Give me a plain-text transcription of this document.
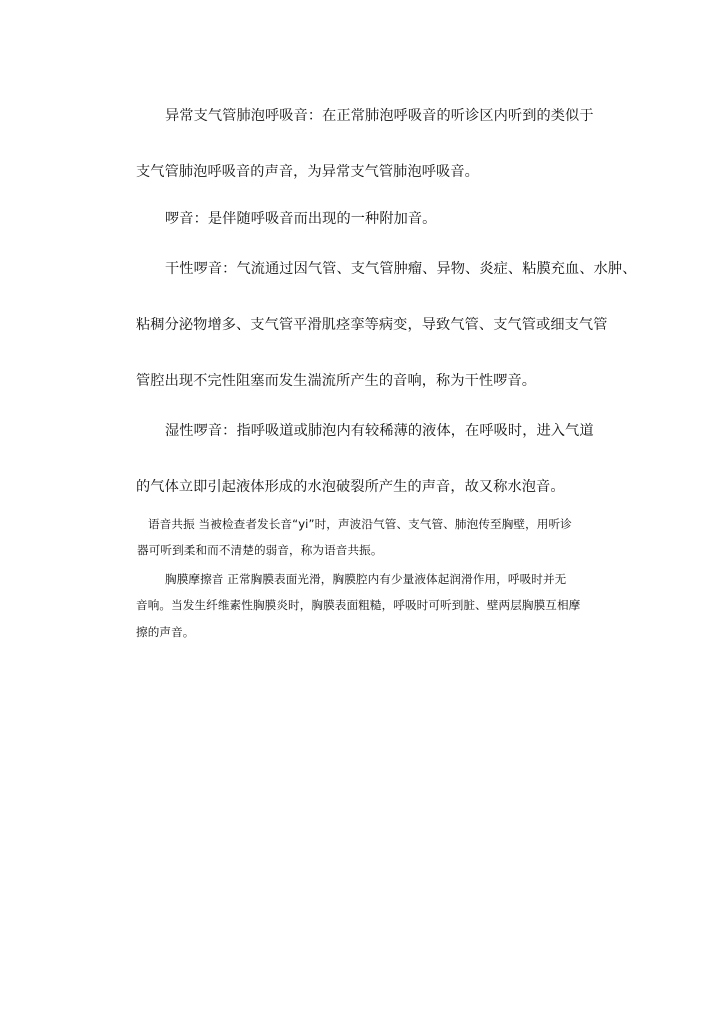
异常支气管肺泡呼吸音：在正常肺泡呼吸音的听诊区内听到的类似于

支气管肺泡呼吸音的声音，为异常支气管肺泡呼吸音。

啰音：是伴随呼吸音而出现的一种附加音。

干性啰音：气流通过因气管、支气管肿瘤、异物、炎症、粘膜充血、水肿、

粘稠分泌物增多、支气管平滑肌痉挛等病变，导致气管、支气管或细支气管

管腔出现不完性阻塞而发生湍流所产生的音响，称为干性啰音。

湿性啰音：指呼吸道或肺泡内有较稀薄的液体，在呼吸时，进入气道

的气体立即引起液体形成的水泡破裂所产生的声音，故又称水泡音。

语音共振 当被检查者发长音“yi”时，声波沿气管、支气管、肺泡传至胸壁，用听诊

器可听到柔和而不清楚的弱音，称为语音共振。

胸膜摩擦音 正常胸膜表面光滑，胸膜腔内有少量液体起润滑作用，呼吸时并无

音响。当发生纤维素性胸膜炎时，胸膜表面粗糙，呼吸时可听到脏、壁两层胸膜互相摩

擦的声音。
